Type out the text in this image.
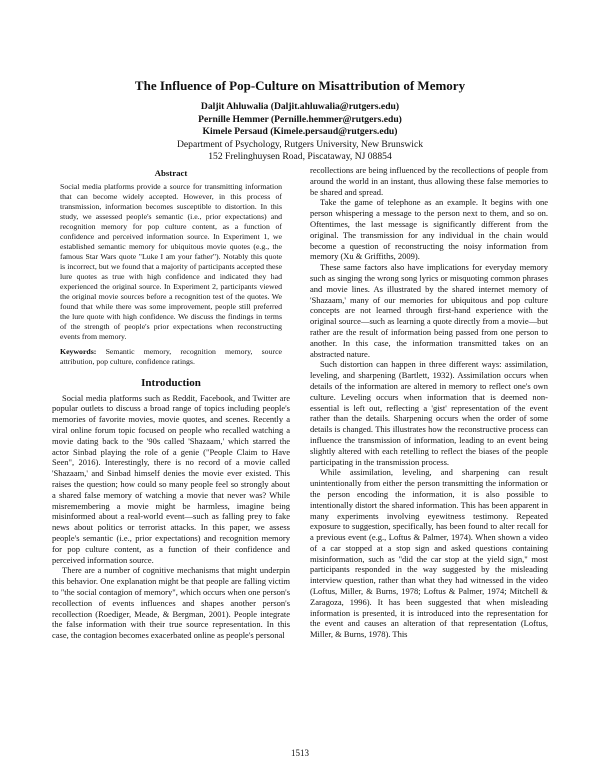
The Influence of Pop-Culture on Misattribution of Memory
Daljit Ahluwalia (Daljit.ahluwalia@rutgers.edu)
Pernille Hemmer (Pernille.hemmer@rutgers.edu)
Kimele Persaud (Kimele.persaud@rutgers.edu)
Department of Psychology, Rutgers University, New Brunswick
152 Frelinghuysen Road, Piscataway, NJ 08854
Abstract

Social media platforms provide a source for transmitting information that can become widely accepted. However, in this process of transmission, information becomes susceptible to distortion. In this study, we assessed people's semantic (i.e., prior expectations) and recognition memory for pop culture content, as a function of confidence and perceived information source. In Experiment 1, we established semantic memory for ubiquitous movie quotes (e.g., the famous Star Wars quote "Luke I am your father"). Notably this quote is incorrect, but we found that a majority of participants accepted these lure quotes as true with high confidence and indicated they had experienced the original source. In Experiment 2, participants viewed the original movie sources before a recognition test of the quotes. We found that while there was some improvement, people still preferred the lure quote with high confidence. We discuss the findings in terms of the strength of people's prior expectations when reconstructing events from memory.

Keywords: Semantic memory, recognition memory, source attribution, pop culture, confidence ratings.
Introduction

Social media platforms such as Reddit, Facebook, and Twitter are popular outlets to discuss a broad range of topics including people's memories of favorite movies, movie quotes, and scenes. Recently a viral online forum topic focused on people who recalled watching a movie dating back to the '90s called 'Shazaam,' which starred the actor Sinbad playing the role of a genie ("People Claim to Have Seen", 2016). Interestingly, there is no record of a movie called 'Shazaam,' and Sinbad himself denies the movie ever existed. This raises the question; how could so many people feel so strongly about a shared false memory of watching a movie that never was? While misremembering a movie might be harmless, imagine being misinformed about a real-world event—such as falling prey to fake news about politics or terrorist attacks. In this paper, we assess people's semantic (i.e., prior expectations) and recognition memory for pop culture content, as a function of their confidence and perceived information source.

There are a number of cognitive mechanisms that might underpin this behavior. One explanation might be that people are falling victim to "the social contagion of memory", which occurs when one person's recollection of events influences and shapes another person's recollection (Roediger, Meade, & Bergman, 2001). People integrate the false information with their true source representation. In this case, the contagion becomes exacerbated online as people's personal

recollections are being influenced by the recollections of people from around the world in an instant, thus allowing these false memories to be shared and spread.

Take the game of telephone as an example. It begins with one person whispering a message to the person next to them, and so on. Oftentimes, the last message is significantly different from the original. The transmission for any individual in the chain would become a question of reconstructing the noisy information from memory (Xu & Griffiths, 2009).

These same factors also have implications for everyday memory such as singing the wrong song lyrics or misquoting common phrases and movie lines. As illustrated by the shared internet memory of 'Shazaam,' many of our memories for ubiquitous and pop culture concepts are not learned through first-hand experience with the original source—such as learning a quote directly from a movie—but rather are the result of information being passed from one person to another. In this case, the information transmitted takes on an abstracted nature.

Such distortion can happen in three different ways: assimilation, leveling, and sharpening (Bartlett, 1932). Assimilation occurs when details of the information are altered in memory to reflect one's own culture. Leveling occurs when information that is deemed non-essential is left out, reflecting a 'gist' representation of the event rather than the details. Sharpening occurs when the order of some details is changed. This illustrates how the reconstructive process can influence the transmission of information, leading to an event being slightly altered with each retelling to reflect the biases of the people participating in the transmission process.

While assimilation, leveling, and sharpening can result unintentionally from either the person transmitting the information or the person encoding the information, it is also possible to intentionally distort the shared information. This has been apparent in many experiments involving eyewitness testimony. Repeated exposure to suggestion, specifically, has been found to alter recall for a previous event (e.g., Loftus & Palmer, 1974). When shown a video of a car stopped at a stop sign and asked questions containing misinformation, such as "did the car stop at the yield sign," most participants responded in the way suggested by the misleading interview question, rather than what they had witnessed in the video (Loftus, Miller, & Burns, 1978; Loftus & Palmer, 1974; Mitchell & Zaragoza, 1996). It has been suggested that when misleading information is presented, it is introduced into the representation for the event and causes an alteration of that representation (Loftus, Miller, & Burns, 1978). This

1513
